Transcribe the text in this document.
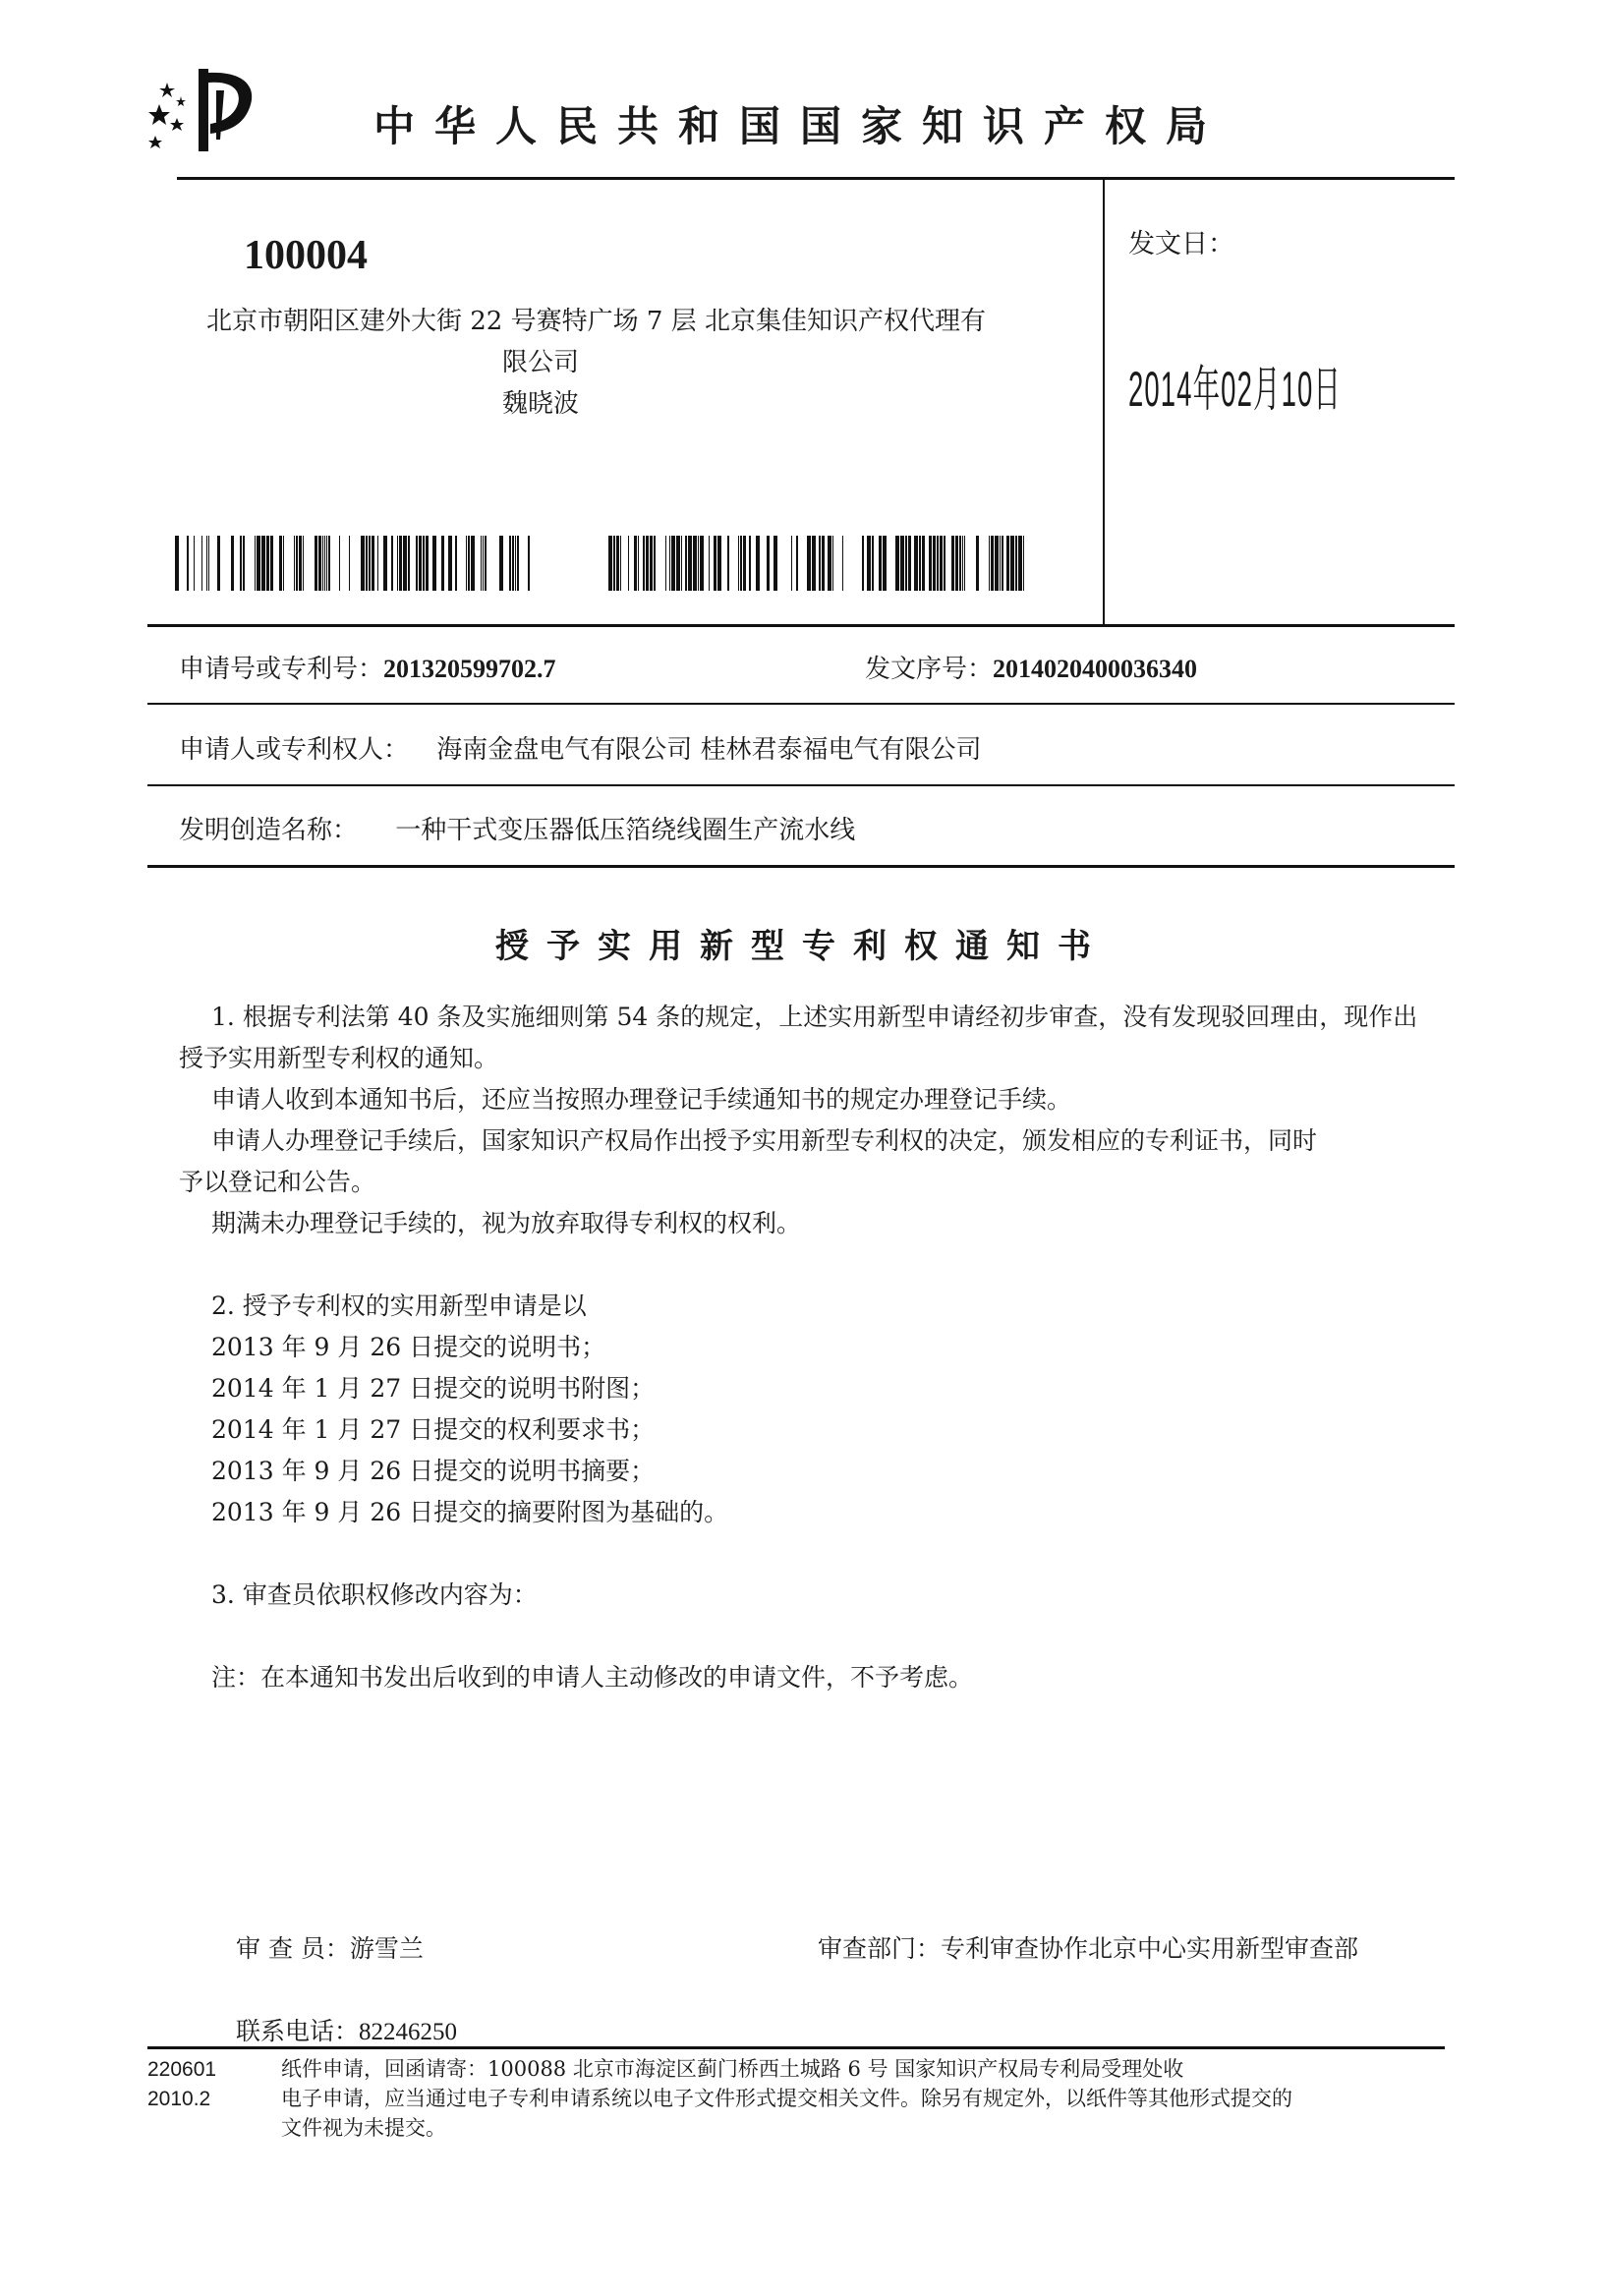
中华人民共和国国家知识产权局
100004
北京市朝阳区建外大街 22 号赛特广场 7 层 北京集佳知识产权代理有
限公司
魏晓波
发文日：
2014年02月10日
申请号或专利号：201320599702.7	发文序号：2014020400036340
申请人或专利权人： 海南金盘电气有限公司 桂林君泰福电气有限公司
发明创造名称： 一种干式变压器低压箔绕线圈生产流水线
授予实用新型专利权通知书
1. 根据专利法第 40 条及实施细则第 54 条的规定，上述实用新型申请经初步审查，没有发现驳回理由，现作出
授予实用新型专利权的通知。
申请人收到本通知书后，还应当按照办理登记手续通知书的规定办理登记手续。
申请人办理登记手续后，国家知识产权局作出授予实用新型专利权的决定，颁发相应的专利证书，同时
予以登记和公告。
期满未办理登记手续的，视为放弃取得专利权的权利。
2. 授予专利权的实用新型申请是以
2013 年 9 月 26 日提交的说明书；
2014 年 1 月 27 日提交的说明书附图；
2014 年 1 月 27 日提交的权利要求书；
2013 年 9 月 26 日提交的说明书摘要；
2013 年 9 月 26 日提交的摘要附图为基础的。
3. 审查员依职权修改内容为：
注：在本通知书发出后收到的申请人主动修改的申请文件，不予考虑。
审 查 员：游雪兰	审查部门：专利审查协作北京中心实用新型审查部
联系电话：82246250
220601
2010.2
纸件申请，回函请寄：100088 北京市海淀区蓟门桥西土城路 6 号 国家知识产权局专利局受理处收
电子申请，应当通过电子专利申请系统以电子文件形式提交相关文件。除另有规定外，以纸件等其他形式提交的
文件视为未提交。
